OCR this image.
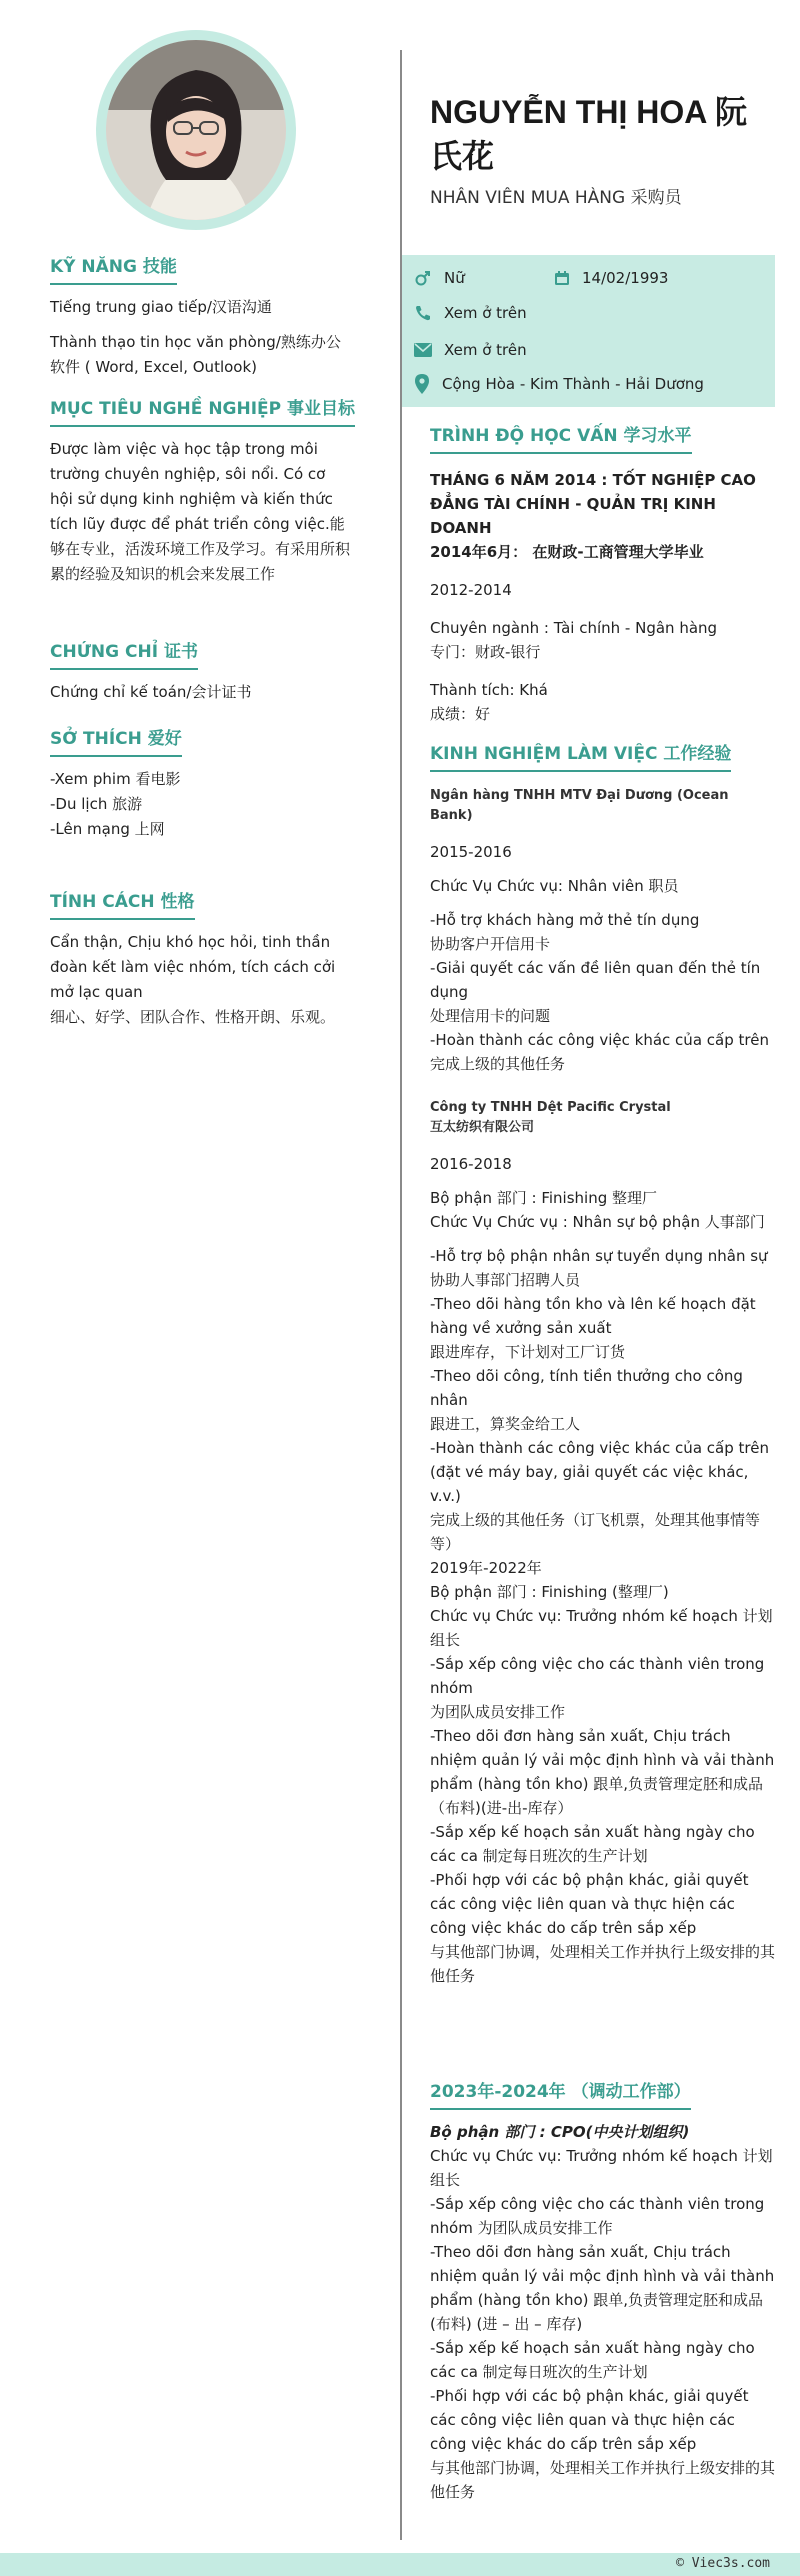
KỸ NĂNG 技能

Tiếng trung giao tiếp/汉语沟通

Thành thạo tin học văn phòng/熟练办公软件 ( Word, Excel, Outlook)

MỤC TIÊU NGHỀ NGHIỆP 事业目标
Được làm việc và học tập trong môi trường chuyên nghiệp, sôi nổi. Có cơ hội sử dụng kinh nghiệm và kiến thức tích lũy được để phát triển công việc.能够在专业，活泼环境工作及学习。有采用所积累的经验及知识的机会来发展工作
CHỨNG CHỈ 证书
Chứng chỉ kế toán/会计证书
SỞ THÍCH 爱好
-Xem phim 看电影
-Du lịch 旅游
-Lên mạng 上网
TÍNH CÁCH 性格
Cẩn thận, Chịu khó học hỏi, tinh thần đoàn kết làm việc nhóm, tích cách cởi mở lạc quan
细心、好学、团队合作、性格开朗、乐观。
Nữ	14/02/1993
Xem ở trên
Xem ở trên
Cộng Hòa - Kim Thành - Hải Dương
NGUYỄN THỊ HOA 阮氏花
NHÂN VIÊN MUA HÀNG 采购员
TRÌNH ĐỘ HỌC VẤN 学习水平
THÁNG 6 NĂM 2014 : TỐT NGHIỆP CAO ĐẲNG TÀI CHÍNH - QUẢN TRỊ KINH DOANH
2014年6月： 在财政-工商管理大学毕业
2012-2014
Chuyên ngành : Tài chính - Ngân hàng
专门：财政-银行
Thành tích: Khá
成绩：好
KINH NGHIỆM LÀM VIỆC 工作经验
Ngân hàng TNHH MTV Đại Dương (Ocean Bank)
2015-2016
Chức Vụ Chức vụ: Nhân viên 职员
-Hỗ trợ khách hàng mở thẻ tín dụng
协助客户开信用卡
-Giải quyết các vấn đề liên quan đến thẻ tín dụng
处理信用卡的问题
-Hoàn thành các công việc khác của cấp trên
完成上级的其他任务
Công ty TNHH Dệt Pacific Crystal
互太纺织有限公司
2016-2018
Bộ phận 部门 : Finishing 整理厂
Chức Vụ Chức vụ : Nhân sự bộ phận 人事部门
-Hỗ trợ bộ phận nhân sự tuyển dụng nhân sự
协助人事部门招聘人员
-Theo dõi hàng tồn kho và lên kế hoạch đặt hàng về xưởng sản xuất
跟进库存，下计划对工厂订货
-Theo dõi công, tính tiền thưởng cho công nhân
跟进工，算奖金给工人
-Hoàn thành các công việc khác của cấp trên (đặt vé máy bay, giải quyết các việc khác, v.v.)
完成上级的其他任务（订飞机票，处理其他事情等等）
2019年-2022年
Bộ phận 部门 : Finishing (整理厂)
Chức vụ Chức vụ: Trưởng nhóm kế hoạch 计划组长
-Sắp xếp công việc cho các thành viên trong nhóm
为团队成员安排工作
-Theo dõi đơn hàng sản xuất, Chịu trách nhiệm quản lý vải mộc định hình và vải thành phẩm (hàng tồn kho) 跟单,负责管理定胚和成品（布料)(进-出-库存）
-Sắp xếp kế hoạch sản xuất hàng ngày cho các ca 制定每日班次的生产计划
-Phối hợp với các bộ phận khác, giải quyết các công việc liên quan và thực hiện các công việc khác do cấp trên sắp xếp
与其他部门协调，处理相关工作并执行上级安排的其他任务
2023年-2024年 （调动工作部）
Bộ phận 部门 : CPO(中央计划组织)
Chức vụ Chức vụ: Trưởng nhóm kế hoạch 计划组长
-Sắp xếp công việc cho các thành viên trong nhóm 为团队成员安排工作
-Theo dõi đơn hàng sản xuất, Chịu trách nhiệm quản lý vải mộc định hình và vải thành phẩm (hàng tồn kho) 跟单,负责管理定胚和成品(布料) (进 – 出 – 库存)
-Sắp xếp kế hoạch sản xuất hàng ngày cho các ca 制定每日班次的生产计划
-Phối hợp với các bộ phận khác, giải quyết các công việc liên quan và thực hiện các công việc khác do cấp trên sắp xếp
与其他部门协调，处理相关工作并执行上级安排的其他任务
© Viec3s.com
